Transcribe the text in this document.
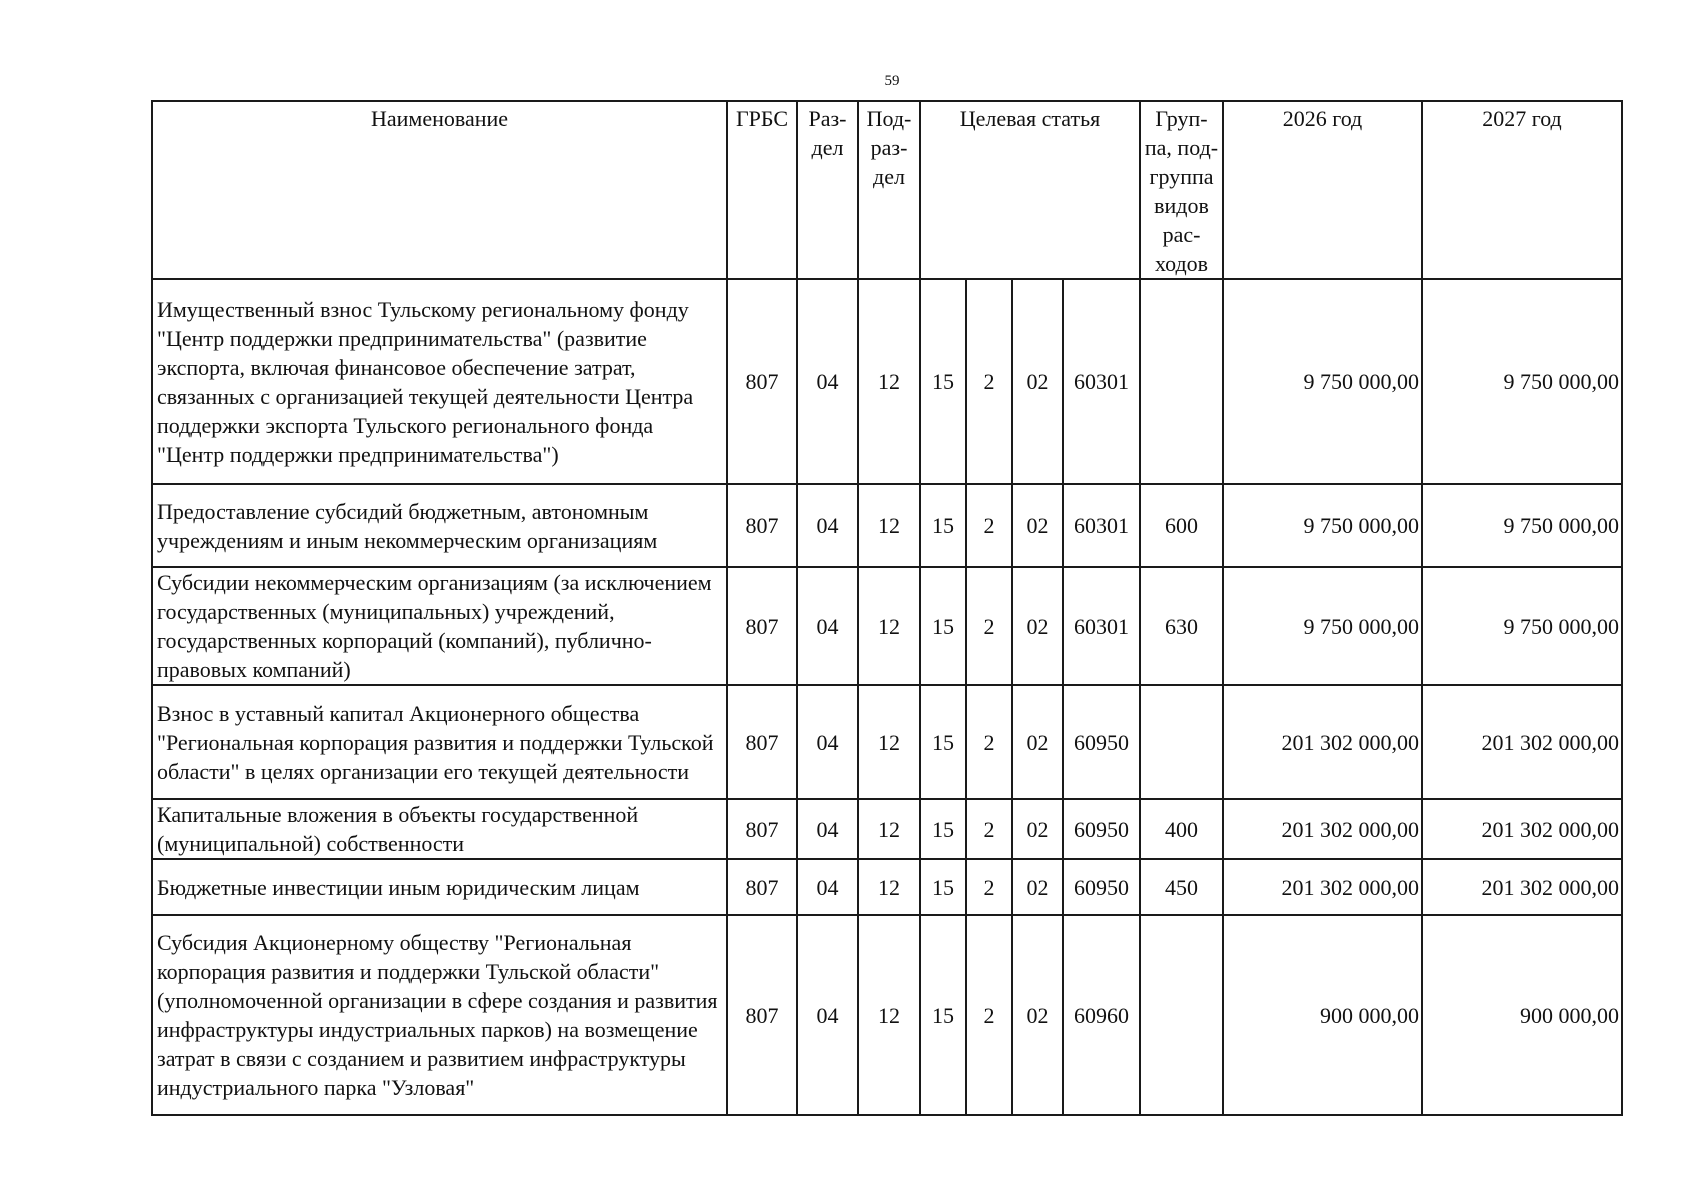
59
Наименование	ГРБС	Раз-дел	Под-раз-дел	Целевая статья				Груп-па, под-группа видов рас-ходов	2026 год	2027 год
Имущественный взнос Тульскому региональному фонду "Центр поддержки предпринимательства" (развитие экспорта, включая финансовое обеспечение затрат, связанных с организацией текущей деятельности Центра поддержки экспорта Тульского регионального фонда "Центр поддержки предпринимательства")	807	04	12	15	2	02	60301		9 750 000,00	9 750 000,00
Предоставление субсидий бюджетным, автономным учреждениям и иным некоммерческим организациям	807	04	12	15	2	02	60301	600	9 750 000,00	9 750 000,00
Субсидии некоммерческим организациям (за исключением государственных (муниципальных) учреждений, государственных корпораций (компаний), публично-правовых компаний)	807	04	12	15	2	02	60301	630	9 750 000,00	9 750 000,00
Взнос в уставный капитал Акционерного общества "Региональная корпорация развития и поддержки Тульской области" в целях организации его текущей деятельности	807	04	12	15	2	02	60950		201 302 000,00	201 302 000,00
Капитальные вложения в объекты государственной (муниципальной) собственности	807	04	12	15	2	02	60950	400	201 302 000,00	201 302 000,00
Бюджетные инвестиции иным юридическим лицам	807	04	12	15	2	02	60950	450	201 302 000,00	201 302 000,00
Субсидия Акционерному обществу "Региональная корпорация развития и поддержки Тульской области" (уполномоченной организации в сфере создания и развития инфраструктуры индустриальных парков) на возмещение затрат в связи с созданием и развитием инфраструктуры индустриального парка "Узловая"	807	04	12	15	2	02	60960		900 000,00	900 000,00
